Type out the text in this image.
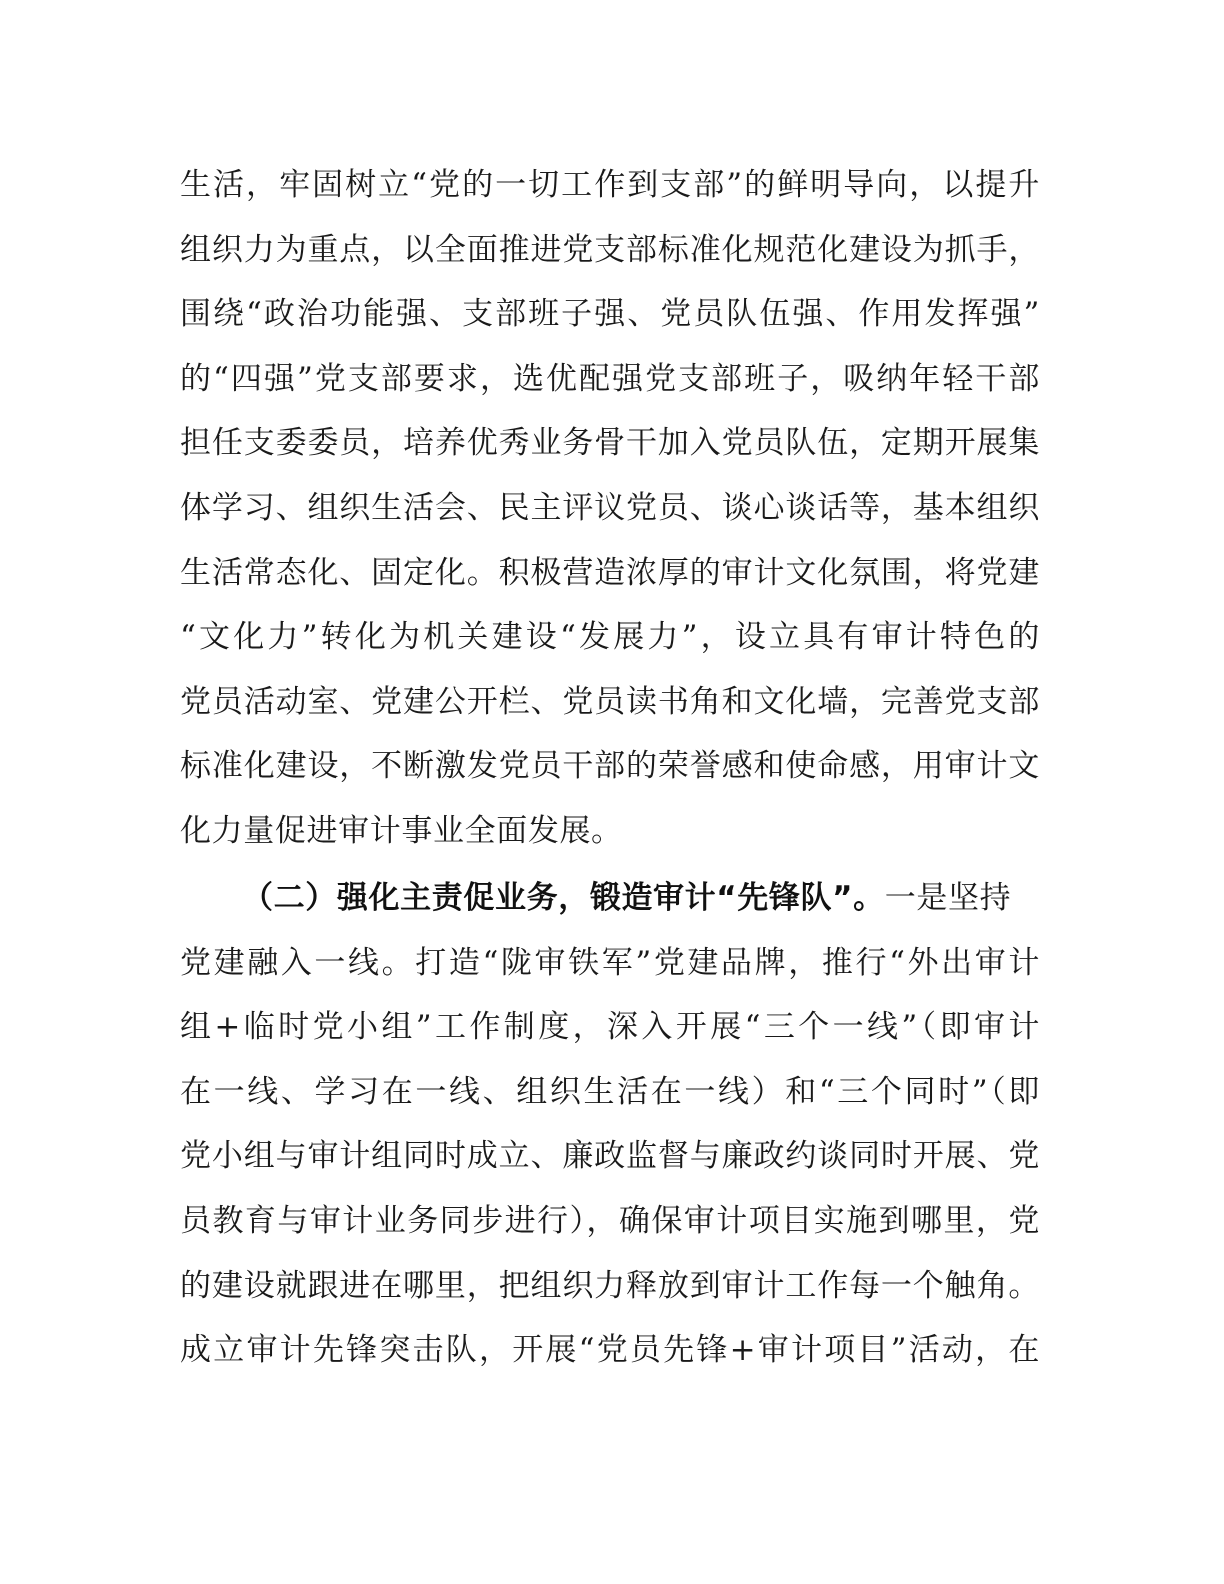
生活，牢固树立“党的一切工作到支部”的鲜明导向，以提升
组织力为重点，以全面推进党支部标准化规范化建设为抓手，
围绕“政治功能强、支部班子强、党员队伍强、作用发挥强”
的“四强”党支部要求，选优配强党支部班子，吸纳年轻干部
担任支委委员，培养优秀业务骨干加入党员队伍，定期开展集
体学习、组织生活会、民主评议党员、谈心谈话等，基本组织
生活常态化、固定化。积极营造浓厚的审计文化氛围，将党建
“文化力”转化为机关建设“发展力”，设立具有审计特色的
党员活动室、党建公开栏、党员读书角和文化墙，完善党支部
标准化建设，不断激发党员干部的荣誉感和使命感，用审计文
化力量促进审计事业全面发展。
（二）强化主责促业务，锻造审计“先锋队”。一是坚持
党建融入一线。打造“陇审铁军”党建品牌，推行“外出审计
组+临时党小组”工作制度，深入开展“三个一线”（即审计
在一线、学习在一线、组织生活在一线）和“三个同时”（即
党小组与审计组同时成立、廉政监督与廉政约谈同时开展、党
员教育与审计业务同步进行），确保审计项目实施到哪里，党
的建设就跟进在哪里，把组织力释放到审计工作每一个触角。
成立审计先锋突击队，开展“党员先锋+审计项目”活动，在
